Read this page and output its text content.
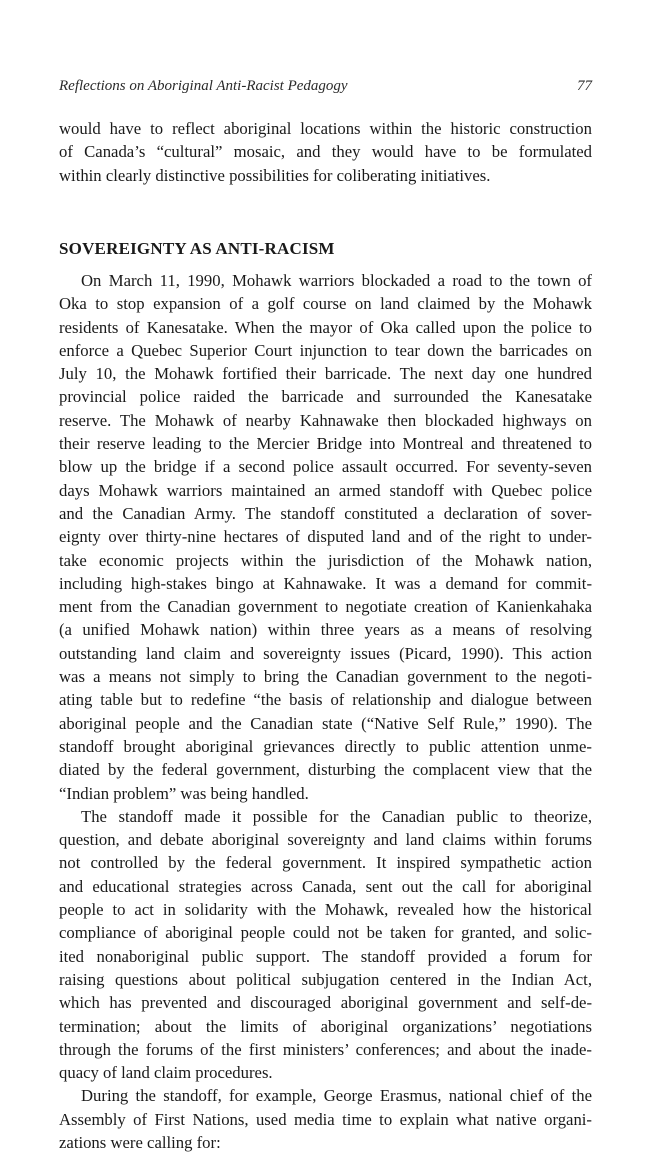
Reflections on Aboriginal Anti-Racist Pedagogy	77
would have to reflect aboriginal locations within the historic construction
of Canada’s “cultural” mosaic, and they would have to be formulated
within clearly distinctive possibilities for coliberating initiatives.
SOVEREIGNTY AS ANTI-RACISM
On March 11, 1990, Mohawk warriors blockaded a road to the town of
Oka to stop expansion of a golf course on land claimed by the Mohawk
residents of Kanesatake. When the mayor of Oka called upon the police to
enforce a Quebec Superior Court injunction to tear down the barricades on
July 10, the Mohawk fortified their barricade. The next day one hundred
provincial police raided the barricade and surrounded the Kanesatake
reserve. The Mohawk of nearby Kahnawake then blockaded highways on
their reserve leading to the Mercier Bridge into Montreal and threatened to
blow up the bridge if a second police assault occurred. For seventy-seven
days Mohawk warriors maintained an armed standoff with Quebec police
and the Canadian Army. The standoff constituted a declaration of sover-
eignty over thirty-nine hectares of disputed land and of the right to under-
take economic projects within the jurisdiction of the Mohawk nation,
including high-stakes bingo at Kahnawake. It was a demand for commit-
ment from the Canadian government to negotiate creation of Kanienkahaka
(a unified Mohawk nation) within three years as a means of resolving
outstanding land claim and sovereignty issues (Picard, 1990). This action
was a means not simply to bring the Canadian government to the negoti-
ating table but to redefine “the basis of relationship and dialogue between
aboriginal people and the Canadian state (“Native Self Rule,” 1990). The
standoff brought aboriginal grievances directly to public attention unme-
diated by the federal government, disturbing the complacent view that the
“Indian problem” was being handled.
The standoff made it possible for the Canadian public to theorize,
question, and debate aboriginal sovereignty and land claims within forums
not controlled by the federal government. It inspired sympathetic action
and educational strategies across Canada, sent out the call for aboriginal
people to act in solidarity with the Mohawk, revealed how the historical
compliance of aboriginal people could not be taken for granted, and solic-
ited nonaboriginal public support. The standoff provided a forum for
raising questions about political subjugation centered in the Indian Act,
which has prevented and discouraged aboriginal government and self-de-
termination; about the limits of aboriginal organizations’ negotiations
through the forums of the first ministers’ conferences; and about the inade-
quacy of land claim procedures.
During the standoff, for example, George Erasmus, national chief of the
Assembly of First Nations, used media time to explain what native organi-
zations were calling for:
